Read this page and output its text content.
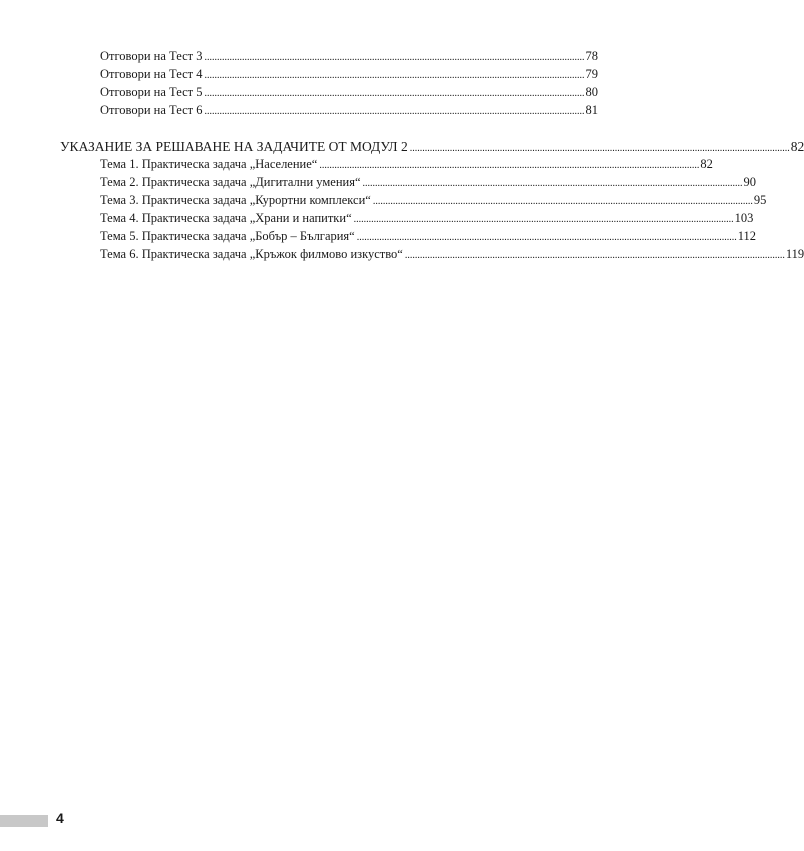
Отговори на Тест 3 ........................................................................................................................................................ 78
Отговори на Тест 4 ........................................................................................................................................................ 79
Отговори на Тест 5 ........................................................................................................................................................ 80
Отговори на Тест 6 ........................................................................................................................................................ 81
УКАЗАНИЕ ЗА РЕШАВАНЕ НА ЗАДАЧИТЕ ОТ МОДУЛ 2 ........................................................................................................................................................ 82
Тема 1. Практическа задача „Население“ ........................................................................................................................................................ 82
Тема 2. Практическа задача „Дигитални умения“ ........................................................................................................................................................ 90
Тема 3. Практическа задача „Курортни комплекси“ ........................................................................................................................................................ 95
Тема 4. Практическа задача „Храни и напитки“ ........................................................................................................................................................ 103
Тема 5. Практическа задача „Бобър – България“ ........................................................................................................................................................ 112
Тема 6. Практическа задача „Кръжок филмово изкуство“ ........................................................................................................................................................ 119
4
